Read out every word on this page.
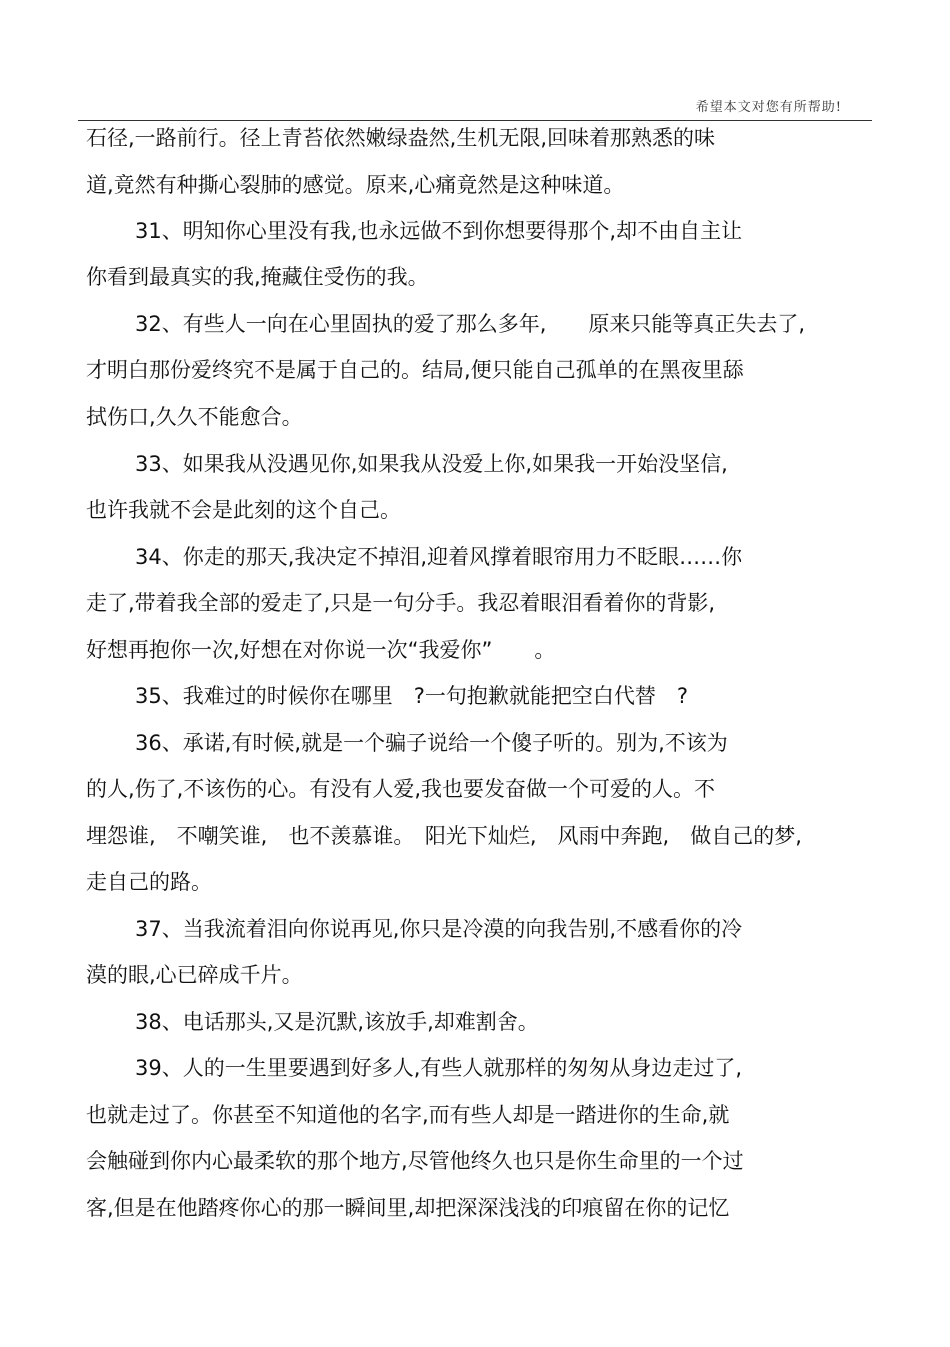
希望本文对您有所帮助!
石径,一路前行。径上青苔依然嫩绿盎然,生机无限,回味着那熟悉的味
道,竟然有种撕心裂肺的感觉。原来,心痛竟然是这种味道。
31、明知你心里没有我,也永远做不到你想要得那个,却不由自主让
你看到最真实的我,掩藏住受伤的我。
32、有些人一向在心里固执的爱了那么多年,　　原来只能等真正失去了,
才明白那份爱终究不是属于自己的。结局,便只能自己孤单的在黑夜里舔
拭伤口,久久不能愈合。
33、如果我从没遇见你,如果我从没爱上你,如果我一开始没坚信,
也许我就不会是此刻的这个自己。
34、你走的那天,我决定不掉泪,迎着风撑着眼帘用力不眨眼……你
走了,带着我全部的爱走了,只是一句分手。我忍着眼泪看着你的背影,
好想再抱你一次,好想在对你说一次“我爱你”　　。
35、我难过的时候你在哪里　?一句抱歉就能把空白代替　?
36、承诺,有时候,就是一个骗子说给一个傻子听的。别为,不该为
的人,伤了,不该伤的心。有没有人爱,我也要发奋做一个可爱的人。不
埋怨谁,　不嘲笑谁,　也不羡慕谁。　阳光下灿烂,　风雨中奔跑,　做自己的梦,
走自己的路。
37、当我流着泪向你说再见,你只是冷漠的向我告别,不感看你的冷
漠的眼,心已碎成千片。
38、电话那头,又是沉默,该放手,却难割舍。
39、人的一生里要遇到好多人,有些人就那样的匆匆从身边走过了,
也就走过了。你甚至不知道他的名字,而有些人却是一踏进你的生命,就
会触碰到你内心最柔软的那个地方,尽管他终久也只是你生命里的一个过
客,但是在他踏疼你心的那一瞬间里,却把深深浅浅的印痕留在你的记忆
